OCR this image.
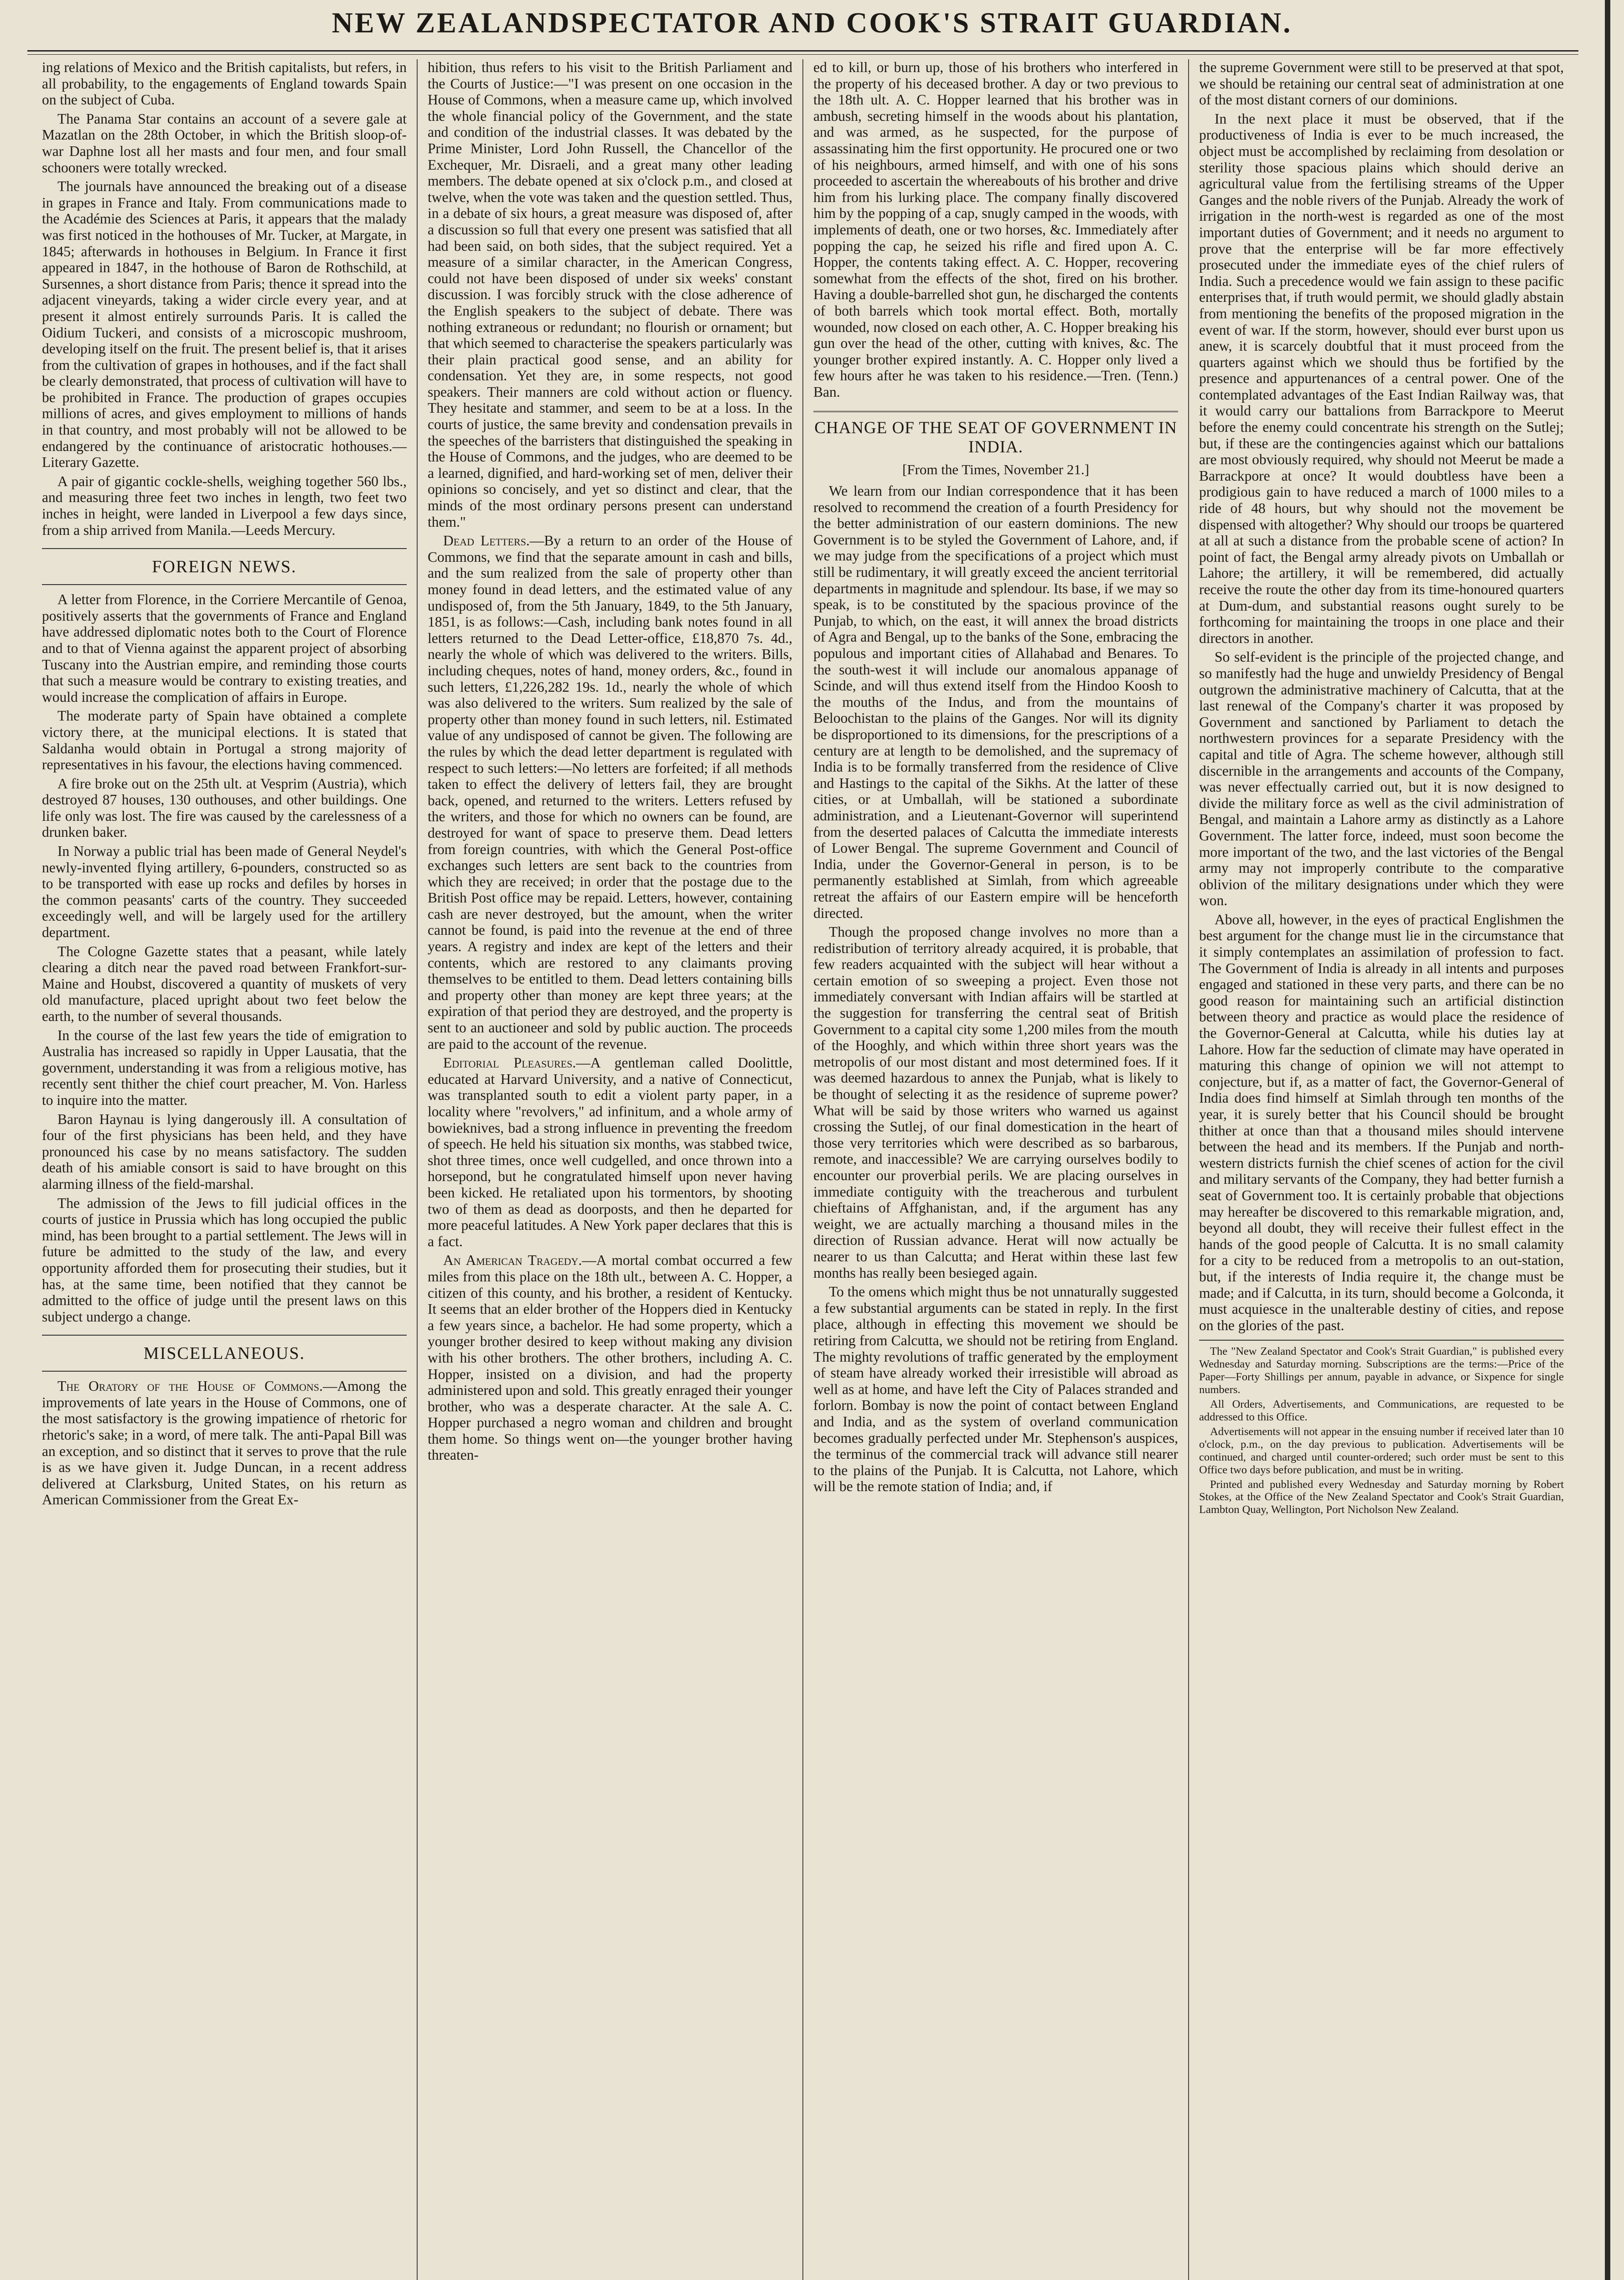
NEW ZEALANDSPECTATOR AND COOK'S STRAIT GUARDIAN.

ing relations of Mexico and the British capitalists, but refers, in all probability, to the engagements of England towards Spain on the subject of Cuba.

The Panama Star contains an account of a severe gale at Mazatlan on the 28th October, in which the British sloop-of-war Daphne lost all her masts and four men, and four small schooners were totally wrecked.

The journals have announced the breaking out of a disease in grapes in France and Italy. From communications made to the Académie des Sciences at Paris, it appears that the malady was first noticed in the hothouses of Mr. Tucker, at Margate, in 1845; afterwards in hothouses in Belgium. In France it first appeared in 1847, in the hothouse of Baron de Rothschild, at Sursennes, a short distance from Paris; thence it spread into the adjacent vineyards, taking a wider circle every year, and at present it almost entirely surrounds Paris. It is called the Oidium Tuckeri, and consists of a microscopic mushroom, developing itself on the fruit. The present belief is, that it arises from the cultivation of grapes in hothouses, and if the fact shall be clearly demonstrated, that process of cultivation will have to be prohibited in France. The production of grapes occupies millions of acres, and gives employment to millions of hands in that country, and most probably will not be allowed to be endangered by the continuance of aristocratic hothouses.—Literary Gazette.

A pair of gigantic cockle-shells, weighing together 560 lbs., and measuring three feet two inches in length, two feet two inches in height, were landed in Liverpool a few days since, from a ship arrived from Manila.—Leeds Mercury.

FOREIGN NEWS.

A letter from Florence, in the Corriere Mercantile of Genoa, positively asserts that the governments of France and England have addressed diplomatic notes both to the Court of Florence and to that of Vienna against the apparent project of absorbing Tuscany into the Austrian empire, and reminding those courts that such a measure would be contrary to existing treaties, and would increase the complication of affairs in Europe.

The moderate party of Spain have obtained a complete victory there, at the municipal elections. It is stated that Saldanha would obtain in Portugal a strong majority of representatives in his favour, the elections having commenced.

A fire broke out on the 25th ult. at Vesprim (Austria), which destroyed 87 houses, 130 outhouses, and other buildings. One life only was lost. The fire was caused by the carelessness of a drunken baker.

In Norway a public trial has been made of General Neydel's newly-invented flying artillery, 6-pounders, constructed so as to be transported with ease up rocks and defiles by horses in the common peasants' carts of the country. They succeeded exceedingly well, and will be largely used for the artillery department.

The Cologne Gazette states that a peasant, while lately clearing a ditch near the paved road between Frankfort-sur-Maine and Houbst, discovered a quantity of muskets of very old manufacture, placed upright about two feet below the earth, to the number of several thousands.

In the course of the last few years the tide of emigration to Australia has increased so rapidly in Upper Lausatia, that the government, understanding it was from a religious motive, has recently sent thither the chief court preacher, M. Von. Harless to inquire into the matter.

Baron Haynau is lying dangerously ill. A consultation of four of the first physicians has been held, and they have pronounced his case by no means satisfactory. The sudden death of his amiable consort is said to have brought on this alarming illness of the field-marshal.

The admission of the Jews to fill judicial offices in the courts of justice in Prussia which has long occupied the public mind, has been brought to a partial settlement. The Jews will in future be admitted to the study of the law, and every opportunity afforded them for prosecuting their studies, but it has, at the same time, been notified that they cannot be admitted to the office of judge until the present laws on this subject undergo a change.

MISCELLANEOUS.

The Oratory of the House of Commons.—Among the improvements of late years in the House of Commons, one of the most satisfactory is the growing impatience of rhetoric for rhetoric's sake; in a word, of mere talk. The anti-Papal Bill was an exception, and so distinct that it serves to prove that the rule is as we have given it. Judge Duncan, in a recent address delivered at Clarksburg, United States, on his return as American Commissioner from the Great Ex-

hibition, thus refers to his visit to the British Parliament and the Courts of Justice:—"I was present on one occasion in the House of Commons, when a measure came up, which involved the whole financial policy of the Government, and the state and condition of the industrial classes. It was debated by the Prime Minister, Lord John Russell, the Chancellor of the Exchequer, Mr. Disraeli, and a great many other leading members. The debate opened at six o'clock p.m., and closed at twelve, when the vote was taken and the question settled. Thus, in a debate of six hours, a great measure was disposed of, after a discussion so full that every one present was satisfied that all had been said, on both sides, that the subject required. Yet a measure of a similar character, in the American Congress, could not have been disposed of under six weeks' constant discussion. I was forcibly struck with the close adherence of the English speakers to the subject of debate. There was nothing extraneous or redundant; no flourish or ornament; but that which seemed to characterise the speakers particularly was their plain practical good sense, and an ability for condensation. Yet they are, in some respects, not good speakers. Their manners are cold without action or fluency. They hesitate and stammer, and seem to be at a loss. In the courts of justice, the same brevity and condensation prevails in the speeches of the barristers that distinguished the speaking in the House of Commons, and the judges, who are deemed to be a learned, dignified, and hard-working set of men, deliver their opinions so concisely, and yet so distinct and clear, that the minds of the most ordinary persons present can understand them."

Dead Letters.—By a return to an order of the House of Commons, we find that the separate amount in cash and bills, and the sum realized from the sale of property other than money found in dead letters, and the estimated value of any undisposed of, from the 5th January, 1849, to the 5th January, 1851, is as follows:—Cash, including bank notes found in all letters returned to the Dead Letter-office, £18,870 7s. 4d., nearly the whole of which was delivered to the writers. Bills, including cheques, notes of hand, money orders, &c., found in such letters, £1,226,282 19s. 1d., nearly the whole of which was also delivered to the writers. Sum realized by the sale of property other than money found in such letters, nil. Estimated value of any undisposed of cannot be given. The following are the rules by which the dead letter department is regulated with respect to such letters:—No letters are forfeited; if all methods taken to effect the delivery of letters fail, they are brought back, opened, and returned to the writers. Letters refused by the writers, and those for which no owners can be found, are destroyed for want of space to preserve them. Dead letters from foreign countries, with which the General Post-office exchanges such letters are sent back to the countries from which they are received; in order that the postage due to the British Post office may be repaid. Letters, however, containing cash are never destroyed, but the amount, when the writer cannot be found, is paid into the revenue at the end of three years. A registry and index are kept of the letters and their contents, which are restored to any claimants proving themselves to be entitled to them. Dead letters containing bills and property other than money are kept three years; at the expiration of that period they are destroyed, and the property is sent to an auctioneer and sold by public auction. The proceeds are paid to the account of the revenue.

Editorial Pleasures.—A gentleman called Doolittle, educated at Harvard University, and a native of Connecticut, was transplanted south to edit a violent party paper, in a locality where "revolvers," ad infinitum, and a whole army of bowieknives, bad a strong influence in preventing the freedom of speech. He held his situation six months, was stabbed twice, shot three times, once well cudgelled, and once thrown into a horsepond, but he congratulated himself upon never having been kicked. He retaliated upon his tormentors, by shooting two of them as dead as doorposts, and then he departed for more peaceful latitudes. A New York paper declares that this is a fact.

An American Tragedy.—A mortal combat occurred a few miles from this place on the 18th ult., between A. C. Hopper, a citizen of this county, and his brother, a resident of Kentucky. It seems that an elder brother of the Hoppers died in Kentucky a few years since, a bachelor. He had some property, which a younger brother desired to keep without making any division with his other brothers. The other brothers, including A. C. Hopper, insisted on a division, and had the property administered upon and sold. This greatly enraged their younger brother, who was a desperate character. At the sale A. C. Hopper purchased a negro woman and children and brought them home. So things went on—the younger brother having threaten-

ed to kill, or burn up, those of his brothers who interfered in the property of his deceased brother. A day or two previous to the 18th ult. A. C. Hopper learned that his brother was in ambush, secreting himself in the woods about his plantation, and was armed, as he suspected, for the purpose of assassinating him the first opportunity. He procured one or two of his neighbours, armed himself, and with one of his sons proceeded to ascertain the whereabouts of his brother and drive him from his lurking place. The company finally discovered him by the popping of a cap, snugly camped in the woods, with implements of death, one or two horses, &c. Immediately after popping the cap, he seized his rifle and fired upon A. C. Hopper, the contents taking effect. A. C. Hopper, recovering somewhat from the effects of the shot, fired on his brother. Having a double-barrelled shot gun, he discharged the contents of both barrels which took mortal effect. Both, mortally wounded, now closed on each other, A. C. Hopper breaking his gun over the head of the other, cutting with knives, &c. The younger brother expired instantly. A. C. Hopper only lived a few hours after he was taken to his residence.—Tren. (Tenn.) Ban.

CHANGE OF THE SEAT OF GOVERNMENT IN INDIA.
[From the Times, November 21.]

We learn from our Indian correspondence that it has been resolved to recommend the creation of a fourth Presidency for the better administration of our eastern dominions. The new Government is to be styled the Government of Lahore, and, if we may judge from the specifications of a project which must still be rudimentary, it will greatly exceed the ancient territorial departments in magnitude and splendour. Its base, if we may so speak, is to be constituted by the spacious province of the Punjab, to which, on the east, it will annex the broad districts of Agra and Bengal, up to the banks of the Sone, embracing the populous and important cities of Allahabad and Benares. To the south-west it will include our anomalous appanage of Scinde, and will thus extend itself from the Hindoo Koosh to the mouths of the Indus, and from the mountains of Beloochistan to the plains of the Ganges. Nor will its dignity be disproportioned to its dimensions, for the prescriptions of a century are at length to be demolished, and the supremacy of India is to be formally transferred from the residence of Clive and Hastings to the capital of the Sikhs. At the latter of these cities, or at Umballah, will be stationed a subordinate administration, and a Lieutenant-Governor will superintend from the deserted palaces of Calcutta the immediate interests of Lower Bengal. The supreme Government and Council of India, under the Governor-General in person, is to be permanently established at Simlah, from which agreeable retreat the affairs of our Eastern empire will be henceforth directed.

Though the proposed change involves no more than a redistribution of territory already acquired, it is probable, that few readers acquainted with the subject will hear without a certain emotion of so sweeping a project. Even those not immediately conversant with Indian affairs will be startled at the suggestion for transferring the central seat of British Government to a capital city some 1,200 miles from the mouth of the Hooghly, and which within three short years was the metropolis of our most distant and most determined foes. If it was deemed hazardous to annex the Punjab, what is likely to be thought of selecting it as the residence of supreme power? What will be said by those writers who warned us against crossing the Sutlej, of our final domestication in the heart of those very territories which were described as so barbarous, remote, and inaccessible? We are carrying ourselves bodily to encounter our proverbial perils. We are placing ourselves in immediate contiguity with the treacherous and turbulent chieftains of Affghanistan, and, if the argument has any weight, we are actually marching a thousand miles in the direction of Russian advance. Herat will now actually be nearer to us than Calcutta; and Herat within these last few months has really been besieged again.

To the omens which might thus be not unnaturally suggested a few substantial arguments can be stated in reply. In the first place, although in effecting this movement we should be retiring from Calcutta, we should not be retiring from England. The mighty revolutions of traffic generated by the employment of steam have already worked their irresistible will abroad as well as at home, and have left the City of Palaces stranded and forlorn. Bombay is now the point of contact between England and India, and as the system of overland communication becomes gradually perfected under Mr. Stephenson's auspices, the terminus of the commercial track will advance still nearer to the plains of the Punjab. It is Calcutta, not Lahore, which will be the remote station of India; and, if

the supreme Government were still to be preserved at that spot, we should be retaining our central seat of administration at one of the most distant corners of our dominions.

In the next place it must be observed, that if the productiveness of India is ever to be much increased, the object must be accomplished by reclaiming from desolation or sterility those spacious plains which should derive an agricultural value from the fertilising streams of the Upper Ganges and the noble rivers of the Punjab. Already the work of irrigation in the north-west is regarded as one of the most important duties of Government; and it needs no argument to prove that the enterprise will be far more effectively prosecuted under the immediate eyes of the chief rulers of India. Such a precedence would we fain assign to these pacific enterprises that, if truth would permit, we should gladly abstain from mentioning the benefits of the proposed migration in the event of war. If the storm, however, should ever burst upon us anew, it is scarcely doubtful that it must proceed from the quarters against which we should thus be fortified by the presence and appurtenances of a central power. One of the contemplated advantages of the East Indian Railway was, that it would carry our battalions from Barrackpore to Meerut before the enemy could concentrate his strength on the Sutlej; but, if these are the contingencies against which our battalions are most obviously required, why should not Meerut be made a Barrackpore at once? It would doubtless have been a prodigious gain to have reduced a march of 1000 miles to a ride of 48 hours, but why should not the movement be dispensed with altogether? Why should our troops be quartered at all at such a distance from the probable scene of action? In point of fact, the Bengal army already pivots on Umballah or Lahore; the artillery, it will be remembered, did actually receive the route the other day from its time-honoured quarters at Dum-dum, and substantial reasons ought surely to be forthcoming for maintaining the troops in one place and their directors in another.

So self-evident is the principle of the projected change, and so manifestly had the huge and unwieldy Presidency of Bengal outgrown the administrative machinery of Calcutta, that at the last renewal of the Company's charter it was proposed by Government and sanctioned by Parliament to detach the northwestern provinces for a separate Presidency with the capital and title of Agra. The scheme however, although still discernible in the arrangements and accounts of the Company, was never effectually carried out, but it is now designed to divide the military force as well as the civil administration of Bengal, and maintain a Lahore army as distinctly as a Lahore Government. The latter force, indeed, must soon become the more important of the two, and the last victories of the Bengal army may not improperly contribute to the comparative oblivion of the military designations under which they were won.

Above all, however, in the eyes of practical Englishmen the best argument for the change must lie in the circumstance that it simply contemplates an assimilation of profession to fact. The Government of India is already in all intents and purposes engaged and stationed in these very parts, and there can be no good reason for maintaining such an artificial distinction between theory and practice as would place the residence of the Governor-General at Calcutta, while his duties lay at Lahore. How far the seduction of climate may have operated in maturing this change of opinion we will not attempt to conjecture, but if, as a matter of fact, the Governor-General of India does find himself at Simlah through ten months of the year, it is surely better that his Council should be brought thither at once than that a thousand miles should intervene between the head and its members. If the Punjab and north-western districts furnish the chief scenes of action for the civil and military servants of the Company, they had better furnish a seat of Government too. It is certainly probable that objections may hereafter be discovered to this remarkable migration, and, beyond all doubt, they will receive their fullest effect in the hands of the good people of Calcutta. It is no small calamity for a city to be reduced from a metropolis to an out-station, but, if the interests of India require it, the change must be made; and if Calcutta, in its turn, should become a Golconda, it must acquiesce in the unalterable destiny of cities, and repose on the glories of the past.

The "New Zealand Spectator and Cook's Strait Guardian," is published every Wednesday and Saturday morning. Subscriptions are the terms:—Price of the Paper—Forty Shillings per annum, payable in advance, or Sixpence for single numbers.

All Orders, Advertisements, and Communications, are requested to be addressed to this Office.

Advertisements will not appear in the ensuing number if received later than 10 o'clock, p.m., on the day previous to publication. Advertisements will be continued, and charged until counter-ordered; such order must be sent to this Office two days before publication, and must be in writing.

Printed and published every Wednesday and Saturday morning by Robert Stokes, at the Office of the New Zealand Spectator and Cook's Strait Guardian, Lambton Quay, Wellington, Port Nicholson New Zealand.
